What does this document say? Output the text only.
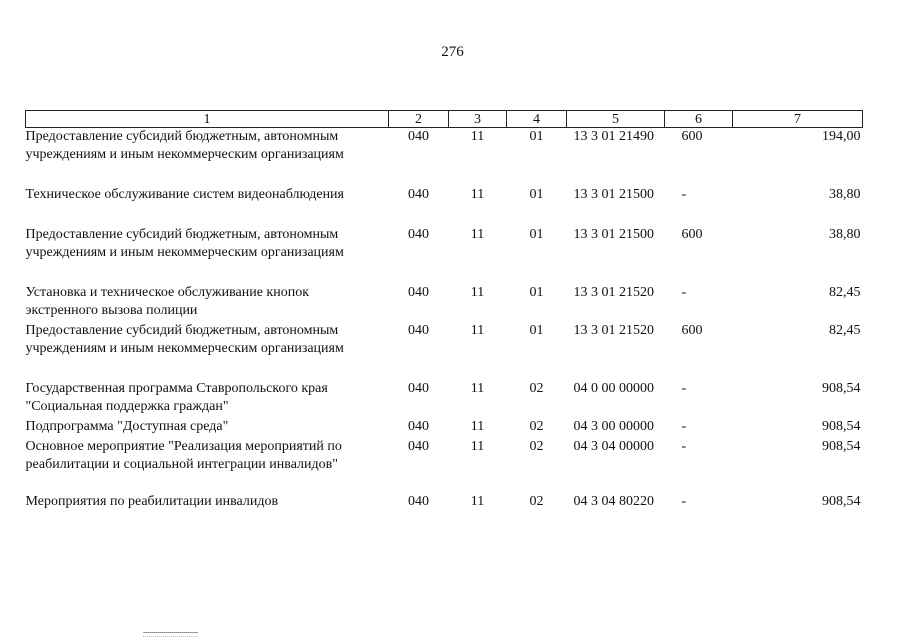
276
1	2	3	4	5	6	7
Предоставление субсидий бюджетным, автономным
учреждениям и иным некоммерческим организациям	040	11	01	13 3 01 21490	600	194,00
Техническое обслуживание систем видеонаблюдения	040	11	01	13 3 01 21500	-	38,80
Предоставление субсидий бюджетным, автономным
учреждениям и иным некоммерческим организациям	040	11	01	13 3 01 21500	600	38,80
Установка и техническое обслуживание кнопок
экстренного вызова полиции	040	11	01	13 3 01 21520	-	82,45
Предоставление субсидий бюджетным, автономным
учреждениям и иным некоммерческим организациям	040	11	01	13 3 01 21520	600	82,45
Государственная программа Ставропольского края
"Социальная поддержка граждан"	040	11	02	04 0 00 00000	-	908,54
Подпрограмма "Доступная среда"	040	11	02	04 3 00 00000	-	908,54
Основное мероприятие "Реализация мероприятий по
реабилитации и социальной интеграции инвалидов"	040	11	02	04 3 04 00000	-	908,54
Мероприятия по реабилитации инвалидов	040	11	02	04 3 04 80220	-	908,54
